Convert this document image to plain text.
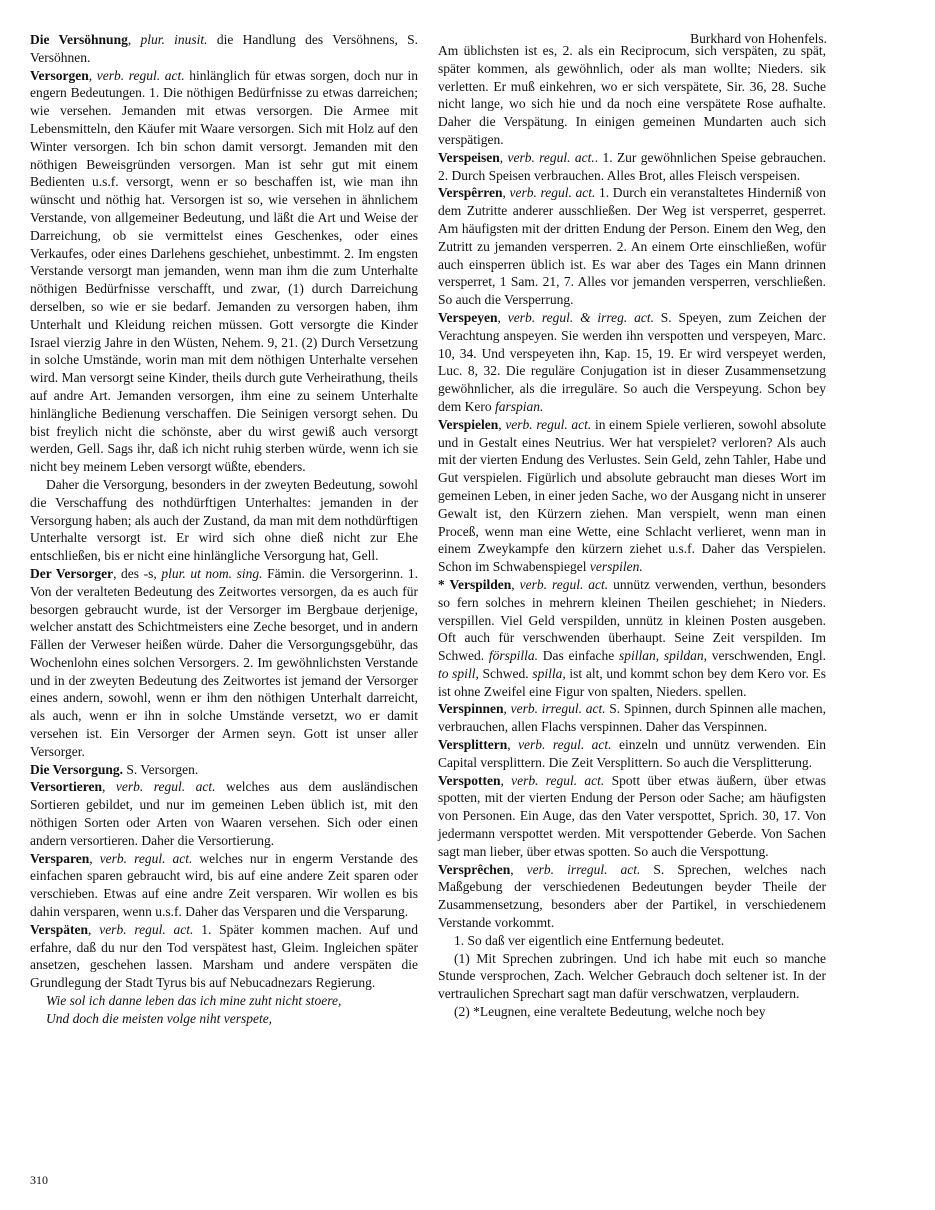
Burkhard von Hohenfels.

Die Versöhnung, plur. inusit. die Handlung des Versöhnens, S. Versöhnen.

Versorgen, verb. regul. act. hinlänglich für etwas sorgen, doch nur in engern Bedeutungen. 1. Die nöthigen Bedürfnisse zu etwas darreichen; wie versehen. Jemanden mit etwas versorgen. Die Armee mit Lebensmitteln, den Käufer mit Waare versorgen. Sich mit Holz auf den Winter versorgen. Ich bin schon damit versorgt. Jemanden mit den nöthigen Beweisgründen versorgen. Man ist sehr gut mit einem Bedienten u.s.f. versorgt, wenn er so beschaffen ist, wie man ihn wünscht und nöthig hat. Versorgen ist so, wie versehen in ähnlichem Verstande, von allgemeiner Bedeutung, und läßt die Art und Weise der Darreichung, ob sie vermittelst eines Geschenkes, oder eines Verkaufes, oder eines Darlehens geschiehet, unbestimmt. 2. Im engsten Verstande versorgt man jemanden, wenn man ihm die zum Unterhalte nöthigen Bedürfnisse verschafft, und zwar, (1) durch Darreichung derselben, so wie er sie bedarf. Jemanden zu versorgen haben, ihm Unterhalt und Kleidung reichen müssen. Gott versorgte die Kinder Israel vierzig Jahre in den Wüsten, Nehem. 9, 21. (2) Durch Versetzung in solche Umstände, worin man mit dem nöthigen Unterhalte versehen wird. Man versorgt seine Kinder, theils durch gute Verheirathung, theils auf andre Art. Jemanden versorgen, ihm eine zu seinem Unterhalte hinlängliche Bedienung verschaffen. Die Seinigen versorgt sehen. Du bist freylich nicht die schönste, aber du wirst gewiß auch versorgt werden, Gell. Sags ihr, daß ich nicht ruhig sterben würde, wenn ich sie nicht bey meinem Leben versorgt wüßte, ebenders.

Daher die Versorgung, besonders in der zweyten Bedeutung, sowohl die Verschaffung des nothdürftigen Unterhaltes: jemanden in der Versorgung haben; als auch der Zustand, da man mit dem nothdürftigen Unterhalte versorgt ist. Er wird sich ohne dieß nicht zur Ehe entschließen, bis er nicht eine hinlängliche Versorgung hat, Gell.

Der Versorger, des -s, plur. ut nom. sing. Fämin. die Versorgerinn. 1. Von der veralteten Bedeutung des Zeitwortes versorgen, da es auch für besorgen gebraucht wurde, ist der Versorger im Bergbaue derjenige, welcher anstatt des Schichtmeisters eine Zeche besorget, und in andern Fällen der Verweser heißen würde. Daher die Versorgungsgebühr, das Wochenlohn eines solchen Versorgers. 2. Im gewöhnlichsten Verstande und in der zweyten Bedeutung des Zeitwortes ist jemand der Versorger eines andern, sowohl, wenn er ihm den nöthigen Unterhalt darreicht, als auch, wenn er ihn in solche Umstände versetzt, wo er damit versehen ist. Ein Versorger der Armen seyn. Gott ist unser aller Versorger.

Die Versorgung. S. Versorgen.

Versortieren, verb. regul. act. welches aus dem ausländischen Sortieren gebildet, und nur im gemeinen Leben üblich ist, mit den nöthigen Sorten oder Arten von Waaren versehen. Sich oder einen andern versortieren. Daher die Versortierung.

Versparen, verb. regul. act. welches nur in engerm Verstande des einfachen sparen gebraucht wird, bis auf eine andere Zeit sparen oder verschieben. Etwas auf eine andre Zeit versparen. Wir wollen es bis dahin versparen, wenn u.s.f. Daher das Versparen und die Versparung.

Verspäten, verb. regul. act. 1. Später kommen machen. Auf und erfahre, daß du nur den Tod verspätest hast, Gleim. Ingleichen später ansetzen, geschehen lassen. Marsham und andere verspäten die Grundlegung der Stadt Tyrus bis auf Nebucadnezars Regierung.

Wie sol ich danne leben das ich mine zuht nicht stoere,

Und doch die meisten volge niht verspete,

Am üblichsten ist es, 2. als ein Reciprocum, sich verspäten, zu spät, später kommen, als gewöhnlich, oder als man wollte; Nieders. sik verletten. Er muß einkehren, wo er sich verspätete, Sir. 36, 28. Suche nicht lange, wo sich hie und da noch eine verspätete Rose aufhalte. Daher die Verspätung. In einigen gemeinen Mundarten auch sich verspätigen.

Verspeisen, verb. regul. act.. 1. Zur gewöhnlichen Speise gebrauchen. 2. Durch Speisen verbrauchen. Alles Brot, alles Fleisch verspeisen.

Verspêrren, verb. regul. act. 1. Durch ein veranstaltetes Hinderniß von dem Zutritte anderer ausschließen. Der Weg ist versperret, gesperret. Am häufigsten mit der dritten Endung der Person. Einem den Weg, den Zutritt zu jemanden versperren. 2. An einem Orte einschließen, wofür auch einsperren üblich ist. Es war aber des Tages ein Mann drinnen versperret, 1 Sam. 21, 7. Alles vor jemanden versperren, verschließen. So auch die Versperrung.

Verspeyen, verb. regul. & irreg. act. S. Speyen, zum Zeichen der Verachtung anspeyen. Sie werden ihn verspotten und verspeyen, Marc. 10, 34. Und verspeyeten ihn, Kap. 15, 19. Er wird verspeyet werden, Luc. 8, 32. Die reguläre Conjugation ist in dieser Zusammensetzung gewöhnlicher, als die irreguläre. So auch die Verspeyung. Schon bey dem Kero farspian.

Verspielen, verb. regul. act. in einem Spiele verlieren, sowohl absolute und in Gestalt eines Neutrius. Wer hat verspielet? verloren? Als auch mit der vierten Endung des Verlustes. Sein Geld, zehn Tahler, Habe und Gut verspielen. Figürlich und absolute gebraucht man dieses Wort im gemeinen Leben, in einer jeden Sache, wo der Ausgang nicht in unserer Gewalt ist, den Kürzern ziehen. Man verspielt, wenn man einen Proceß, wenn man eine Wette, eine Schlacht verlieret, wenn man in einem Zweykampfe den kürzern ziehet u.s.f. Daher das Verspielen. Schon im Schwabenspiegel verspilen.

* Verspilden, verb. regul. act. unnütz verwenden, verthun, besonders so fern solches in mehrern kleinen Theilen geschiehet; in Nieders. verspillen. Viel Geld verspilden, unnütz in kleinen Posten ausgeben. Oft auch für verschwenden überhaupt. Seine Zeit verspilden. Im Schwed. förspilla. Das einfache spillan, spildan, verschwenden, Engl. to spill, Schwed. spilla, ist alt, und kommt schon bey dem Kero vor. Es ist ohne Zweifel eine Figur von spalten, Nieders. spellen.

Verspinnen, verb. irregul. act. S. Spinnen, durch Spinnen alle machen, verbrauchen, allen Flachs verspinnen. Daher das Verspinnen.

Versplittern, verb. regul. act. einzeln und unnütz verwenden. Ein Capital versplittern. Die Zeit Versplittern. So auch die Versplitterung.

Verspotten, verb. regul. act. Spott über etwas äußern, über etwas spotten, mit der vierten Endung der Person oder Sache; am häufigsten von Personen. Ein Auge, das den Vater verspottet, Sprich. 30, 17. Von jedermann verspottet werden. Mit verspottender Geberde. Von Sachen sagt man lieber, über etwas spotten. So auch die Verspottung.

Versprêchen, verb. irregul. act. S. Sprechen, welches nach Maßgebung der verschiedenen Bedeutungen beyder Theile der Zusammensetzung, besonders aber der Partikel, in verschiedenem Verstande vorkommt.

1. So daß ver eigentlich eine Entfernung bedeutet.

(1) Mit Sprechen zubringen. Und ich habe mit euch so manche Stunde versprochen, Zach. Welcher Gebrauch doch seltener ist. In der vertraulichen Sprechart sagt man dafür verschwatzen, verplaudern.

(2) *Leugnen, eine veraltete Bedeutung, welche noch bey

310
